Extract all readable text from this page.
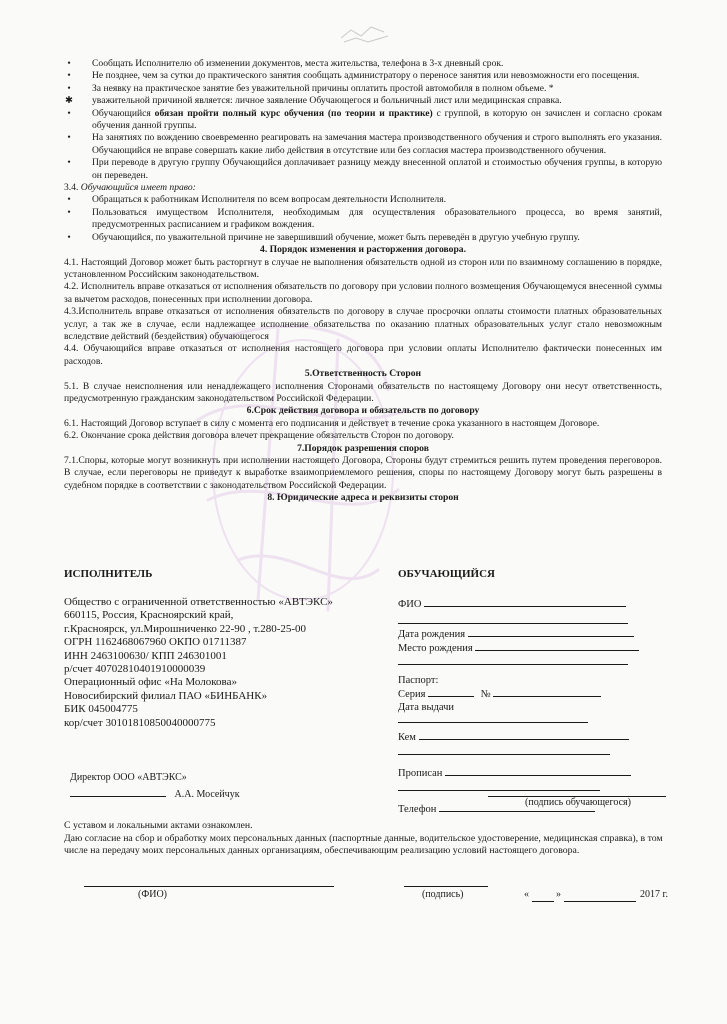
•	Сообщать Исполнителю об изменении документов, места жительства, телефона в 3-х дневный срок.

•	Не позднее, чем за сутки до практического занятия сообщать администратору о переносе занятия или невозможности его посещения.

•	За неявку на практическое занятие без уважительной причины оплатить простой автомобиля в полном объеме. *

✱ уважительной причиной является: личное заявление Обучающегося и больничный лист или медицинская справка.

•	Обучающийся обязан пройти полный курс обучения (по теории и практике) с группой, в которую он зачислен и согласно срокам обучения данной группы.

•	На занятиях по вождению своевременно реагировать на замечания мастера производственного обучения и строго выполнять его указания. Обучающийся не вправе совершать какие либо действия в отсутствие или без согласия мастера производственного обучения.

•	При переводе в другую группу Обучающийся доплачивает разницу между внесенной оплатой и стоимостью обучения группы, в которую он переведен.

3.4. Обучающийся имеет право:

•	Обращаться к работникам Исполнителя по всем вопросам деятельности Исполнителя.

•	Пользоваться имуществом Исполнителя, необходимым для осуществления образовательного процесса, во время занятий, предусмотренных расписанием и графиком вождения.

•	Обучающийся, по уважительной причине не завершивший обучение, может быть переведён в другую учебную группу.

4. Порядок изменения и расторжения договора.

4.1. Настоящий Договор может быть расторгнут в случае не выполнения обязательств одной из сторон или по взаимному соглашению в порядке, установленном Российским законодательством.

4.2. Исполнитель вправе отказаться от исполнения обязательств по договору при условии полного возмещения Обучающемуся внесенной суммы за вычетом расходов, понесенных при исполнении договора.

4.3.Исполнитель вправе отказаться от исполнения обязательств по договору в случае просрочки оплаты стоимости платных образовательных услуг, а так же в случае, если надлежащее исполнение обязательства по оказанию платных образовательных услуг стало невозможным вследствие действий (бездействия) обучающегося

4.4. Обучающийся вправе отказаться от исполнения настоящего договора при условии оплаты Исполнителю фактически понесенных им расходов.

5.Ответственность Сторон

5.1. В случае неисполнения или ненадлежащего исполнения Сторонами обязательств по настоящему Договору они несут ответственность, предусмотренную гражданским законодательством Российской Федерации.

6.Срок действия договора и обязательств по договору

6.1. Настоящий Договор вступает в силу с момента его подписания и действует в течение срока указанного в настоящем Договоре.

6.2. Окончание срока действия договора влечет прекращение обязательств Сторон по договору.

7.Порядок разрешения споров

7.1.Споры, которые могут возникнуть при исполнении настоящего Договора, Стороны будут стремиться решить путем проведения переговоров. В случае, если переговоры не приведут к выработке взаимоприемлемого решения, споры по настоящему Договору могут быть разрешены в судебном порядке в соответствии с законодательством Российской Федерации.

8. Юридические адреса и реквизиты сторон

ИСПОЛНИТЕЛЬ

Общество с ограниченной ответственностью «АВТЭКС»

660115, Россия, Красноярский край,

г.Красноярск, ул.Мирошниченко 22-90 , т.280-25-00

ОГРН 1162468067960 ОКПО 01711387

ИНН 2463100630/ КПП 246301001

р/счет 40702810401910000039

Операционный офис «На Молокова»

Новосибирский филиал ПАО «БИНБАНК»

БИК 045004775

кор/счет 30101810850040000775

Директор ООО «АВТЭКС»

А.А. Мосейчук

ОБУЧАЮЩИЙСЯ

ФИО

Дата рождения

Место рождения

Паспорт:

Серия	№

Дата выдачи

Кем

Прописан

Телефон

(подпись обучающегося)

С уставом и локальными актами ознакомлен.

Даю согласие на сбор и обработку моих персональных данных (паспортные данные, водительское удостоверение, медицинская справка), в том числе на передачу моих персональных данных организациям, обеспечивающим реализацию условий настоящего договора.

(ФИО)	(подпись)	«	»	2017 г.
